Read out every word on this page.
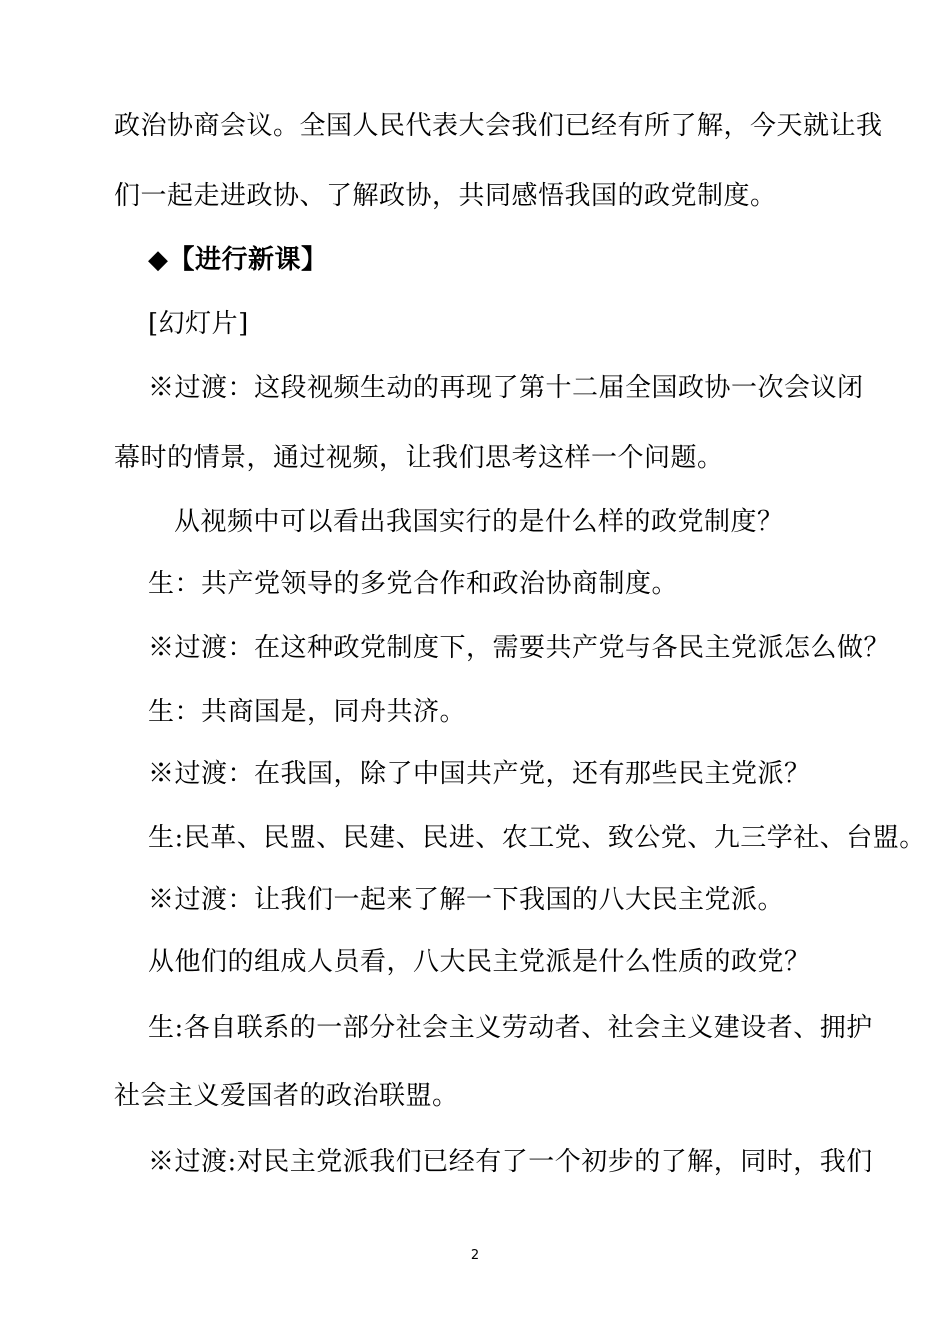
政治协商会议。全国人民代表大会我们已经有所了解，今天就让我
们一起走进政协、了解政协，共同感悟我国的政党制度。
◆【进行新课】
[幻灯片]
※过渡：这段视频生动的再现了第十二届全国政协一次会议闭
幕时的情景，通过视频，让我们思考这样一个问题。
从视频中可以看出我国实行的是什么样的政党制度？
生：共产党领导的多党合作和政治协商制度。
※过渡：在这种政党制度下，需要共产党与各民主党派怎么做？
生：共商国是，同舟共济。
※过渡：在我国，除了中国共产党，还有那些民主党派？
生:民革、民盟、民建、民进、农工党、致公党、九三学社、台盟。
※过渡：让我们一起来了解一下我国的八大民主党派。
从他们的组成人员看，八大民主党派是什么性质的政党？
生:各自联系的一部分社会主义劳动者、社会主义建设者、拥护
社会主义爱国者的政治联盟。
※过渡:对民主党派我们已经有了一个初步的了解，同时，我们
2
